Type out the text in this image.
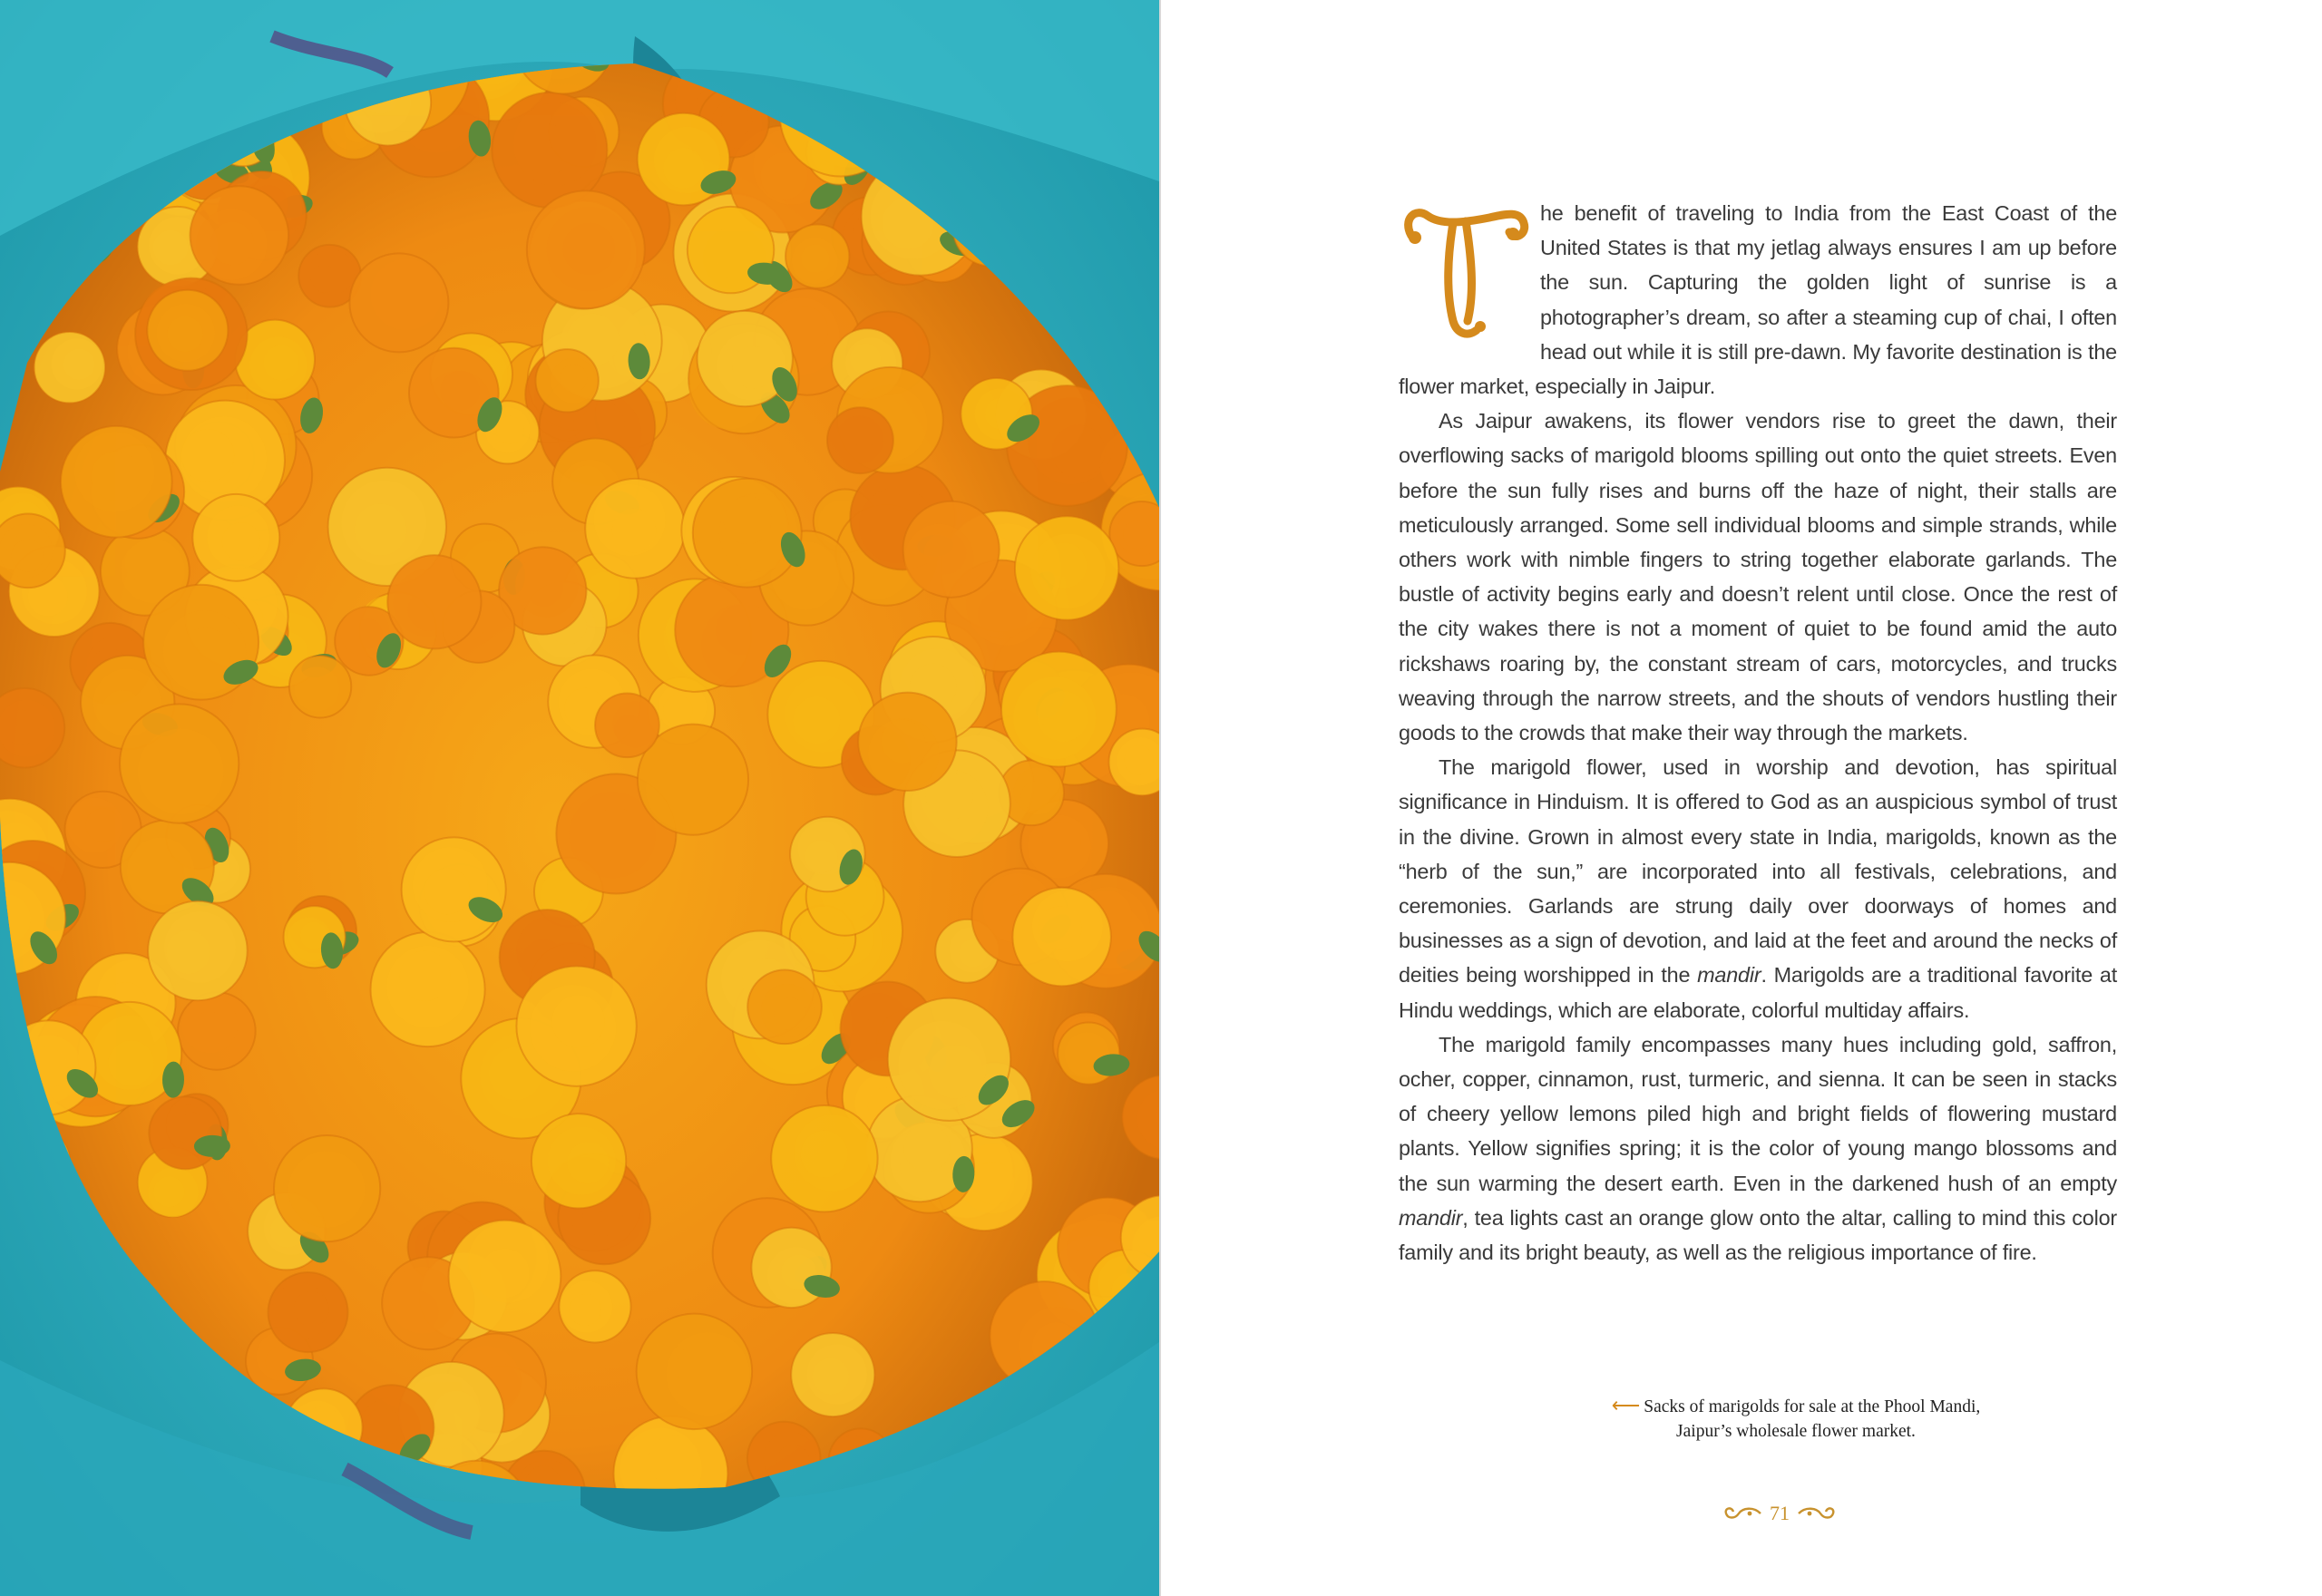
he benefit of traveling to India from the East Coast of the United States is that my jetlag always ensures I am up before the sun. Capturing the golden light of sunrise is a photographer’s dream, so after a steaming cup of chai, I often head out while it is still pre-dawn. My favorite destination is the flower market, especially in Jaipur.

As Jaipur awakens, its flower vendors rise to greet the dawn, their overflowing sacks of marigold blooms spilling out onto the quiet streets. Even before the sun fully rises and burns off the haze of night, their stalls are meticulously arranged. Some sell individual blooms and simple strands, while others work with nimble fingers to string together elaborate garlands. The bustle of activity begins early and doesn’t relent until close. Once the rest of the city wakes there is not a moment of quiet to be found amid the auto rickshaws roaring by, the constant stream of cars, motorcycles, and trucks weaving through the narrow streets, and the shouts of vendors hustling their goods to the crowds that make their way through the markets.

The marigold flower, used in worship and devotion, has spiritual significance in Hinduism. It is offered to God as an auspicious symbol of trust in the divine. Grown in almost every state in India, marigolds, known as the “herb of the sun,” are incorporated into all festivals, celebrations, and ceremonies. Garlands are strung daily over doorways of homes and businesses as a sign of devotion, and laid at the feet and around the necks of deities being worshipped in the mandir. Marigolds are a traditional favorite at Hindu weddings, which are elaborate, colorful multiday affairs.

The marigold family encompasses many hues including gold, saffron, ocher, copper, cinnamon, rust, turmeric, and sienna. It can be seen in stacks of cheery yellow lemons piled high and bright fields of flowering mustard plants. Yellow signifies spring; it is the color of young mango blossoms and the sun warming the desert earth. Even in the darkened hush of an empty mandir, tea lights cast an orange glow onto the altar, calling to mind this color family and its bright beauty, as well as the religious importance of fire.

⟵ Sacks of marigolds for sale at the Phool Mandi,
Jaipur’s wholesale flower market.
71
